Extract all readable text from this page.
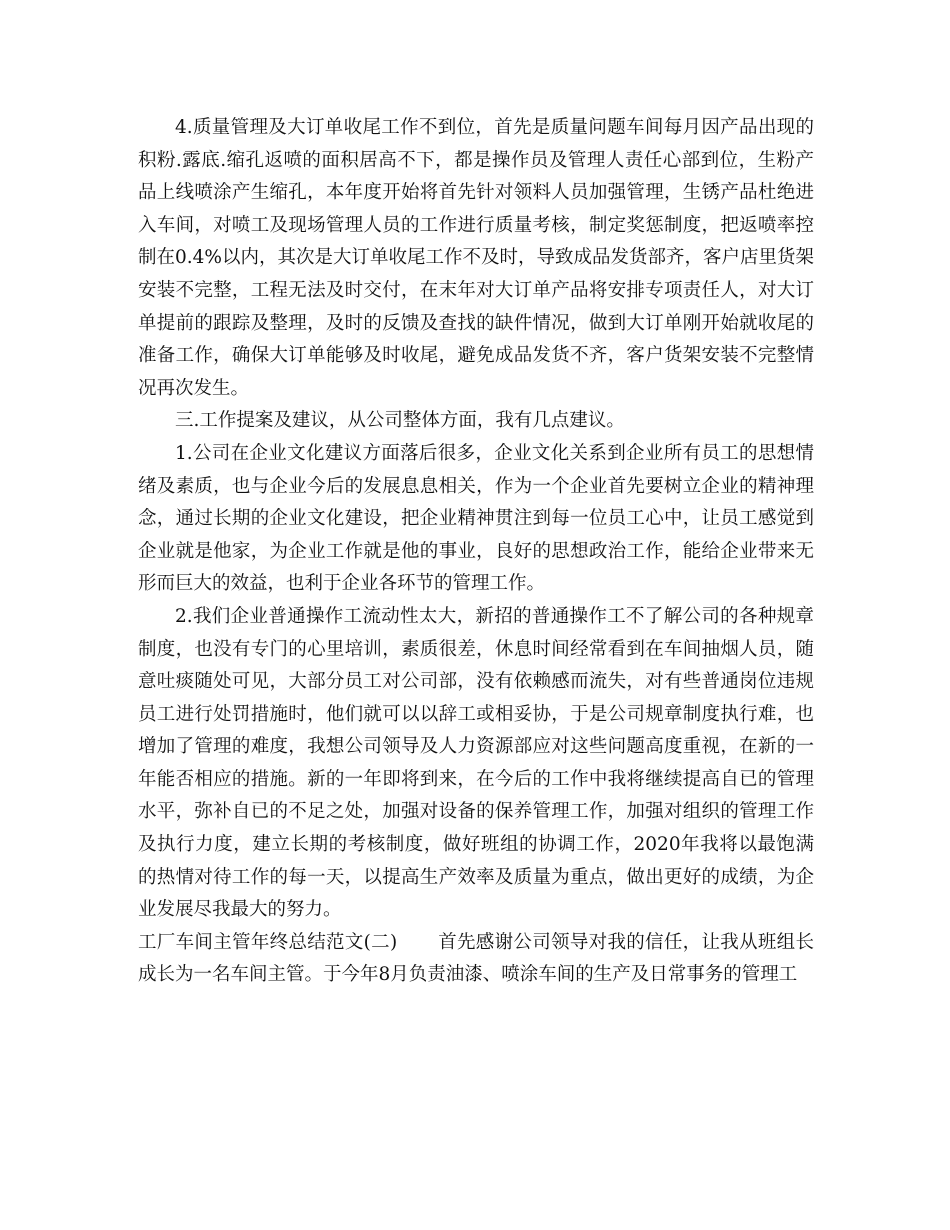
4.质量管理及大订单收尾工作不到位，首先是质量问题车间每月因产品出现的积粉.露底.缩孔返喷的面积居高不下，都是操作员及管理人责任心部到位，生粉产品上线喷涂产生缩孔，本年度开始将首先针对领料人员加强管理，生锈产品杜绝进入车间，对喷工及现场管理人员的工作进行质量考核，制定奖惩制度，把返喷率控制在0.4%以内，其次是大订单收尾工作不及时，导致成品发货部齐，客户店里货架安装不完整，工程无法及时交付，在末年对大订单产品将安排专项责任人，对大订单提前的跟踪及整理，及时的反馈及查找的缺件情况，做到大订单刚开始就收尾的准备工作，确保大订单能够及时收尾，避免成品发货不齐，客户货架安装不完整情况再次发生。

三.工作提案及建议，从公司整体方面，我有几点建议。

1.公司在企业文化建议方面落后很多，企业文化关系到企业所有员工的思想情绪及素质，也与企业今后的发展息息相关，作为一个企业首先要树立企业的精神理念，通过长期的企业文化建设，把企业精神贯注到每一位员工心中，让员工感觉到企业就是他家，为企业工作就是他的事业，良好的思想政治工作，能给企业带来无形而巨大的效益，也利于企业各环节的管理工作。

2.我们企业普通操作工流动性太大，新招的普通操作工不了解公司的各种规章制度，也没有专门的心里培训，素质很差，休息时间经常看到在车间抽烟人员，随意吐痰随处可见，大部分员工对公司部，没有依赖感而流失，对有些普通岗位违规员工进行处罚措施时，他们就可以以辞工或相妥协，于是公司规章制度执行难，也增加了管理的难度，我想公司领导及人力资源部应对这些问题高度重视，在新的一年能否相应的措施。新的一年即将到来，在今后的工作中我将继续提高自已的管理水平，弥补自已的不足之处，加强对设备的保养管理工作，加强对组织的管理工作及执行力度，建立长期的考核制度，做好班组的协调工作，2020年我将以最饱满的热情对待工作的每一天，以提高生产效率及质量为重点，做出更好的成绩，为企业发展尽我最大的努力。

工厂车间主管年终总结范文(二) 首先感谢公司领导对我的信任，让我从班组长成长为一名车间主管。于今年8月负责油漆、喷涂车间的生产及日常事务的管理工
